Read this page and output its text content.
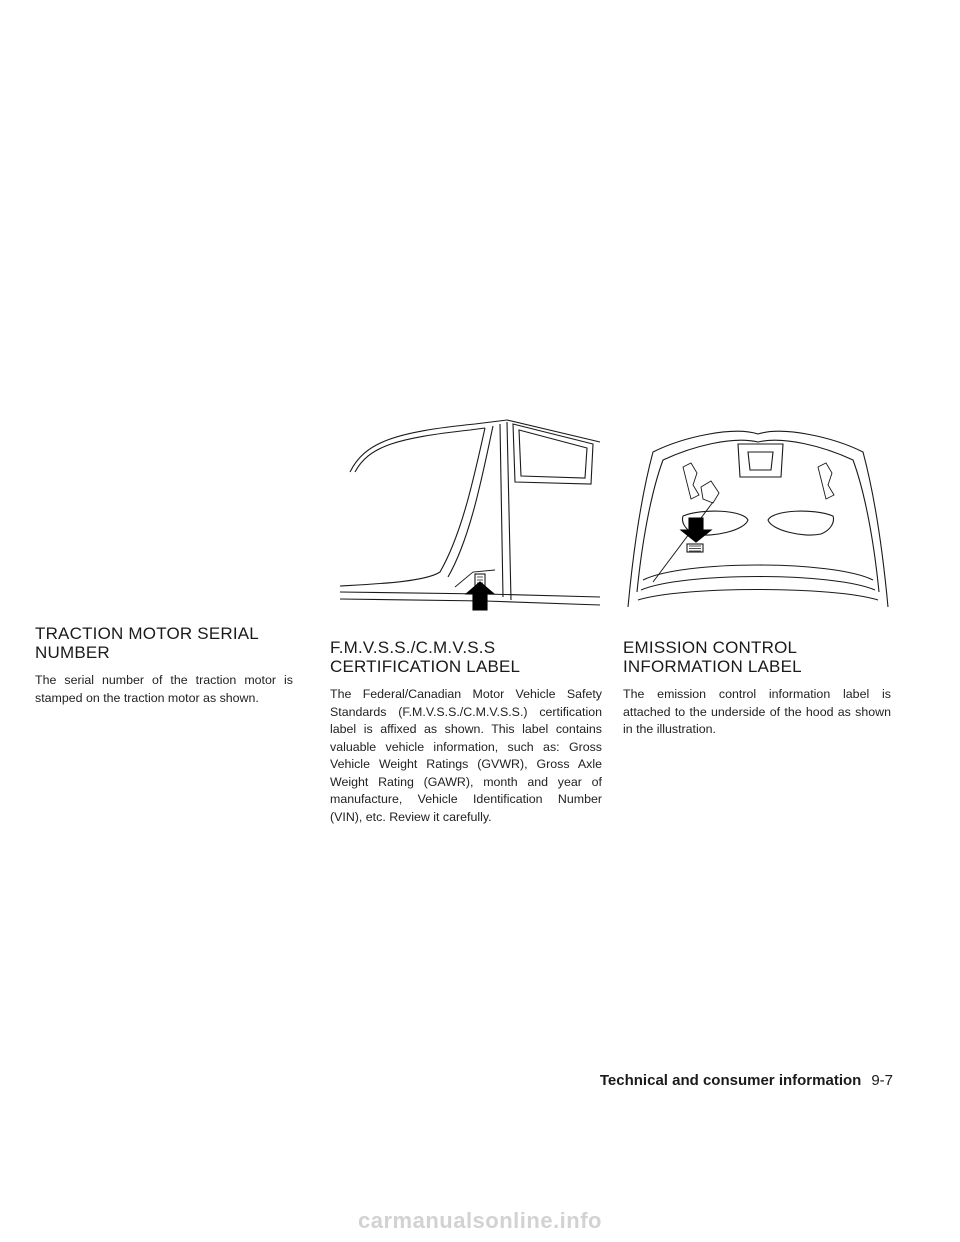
TRACTION MOTOR SERIAL NUMBER

The serial number of the traction motor is stamped on the traction motor as shown.

F.M.V.S.S./C.M.V.S.S CERTIFICATION LABEL

The Federal/Canadian Motor Vehicle Safety Standards (F.M.V.S.S./C.M.V.S.S.) certification label is affixed as shown. This label contains valuable vehicle information, such as: Gross Vehicle Weight Ratings (GVWR), Gross Axle Weight Rating (GAWR), month and year of manufacture, Vehicle Identification Number (VIN), etc. Review it carefully.

EMISSION CONTROL INFORMATION LABEL

The emission control information label is attached to the underside of the hood as shown in the illustration.

Technical and consumer information 9-7
carmanualsonline.info
